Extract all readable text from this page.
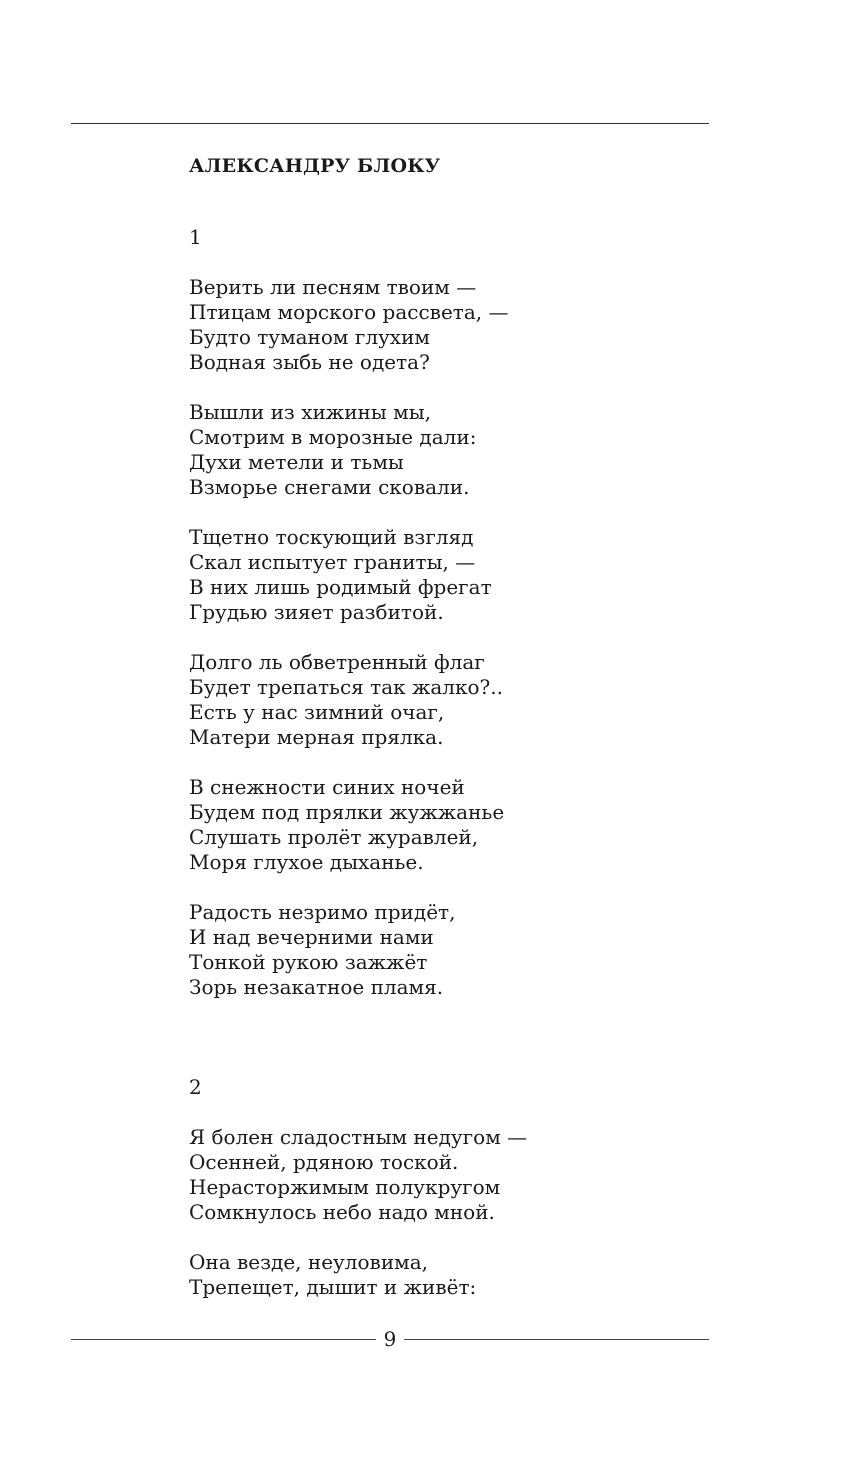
АЛЕКСАНДРУ БЛОКУ
1
Верить ли песням твоим —
Птицам морского рассвета, —
Будто туманом глухим
Водная зыбь не одета?
Вышли из хижины мы,
Смотрим в морозные дали:
Духи метели и тьмы
Взморье снегами сковали.
Тщетно тоскующий взгляд
Скал испытует граниты, —
В них лишь родимый фрегат
Грудью зияет разбитой.
Долго ль обветренный флаг
Будет трепаться так жалко?..
Есть у нас зимний очаг,
Матери мерная прялка.
В снежности синих ночей
Будем под прялки жужжанье
Слушать пролёт журавлей,
Моря глухое дыханье.
Радость незримо придёт,
И над вечерними нами
Тонкой рукою зажжёт
Зорь незакатное пламя.
2
Я болен сладостным недугом —
Осенней, рдяною тоской.
Нерасторжимым полукругом
Сомкнулось небо надо мной.
Она везде, неуловима,
Трепещет, дышит и живёт:
9
